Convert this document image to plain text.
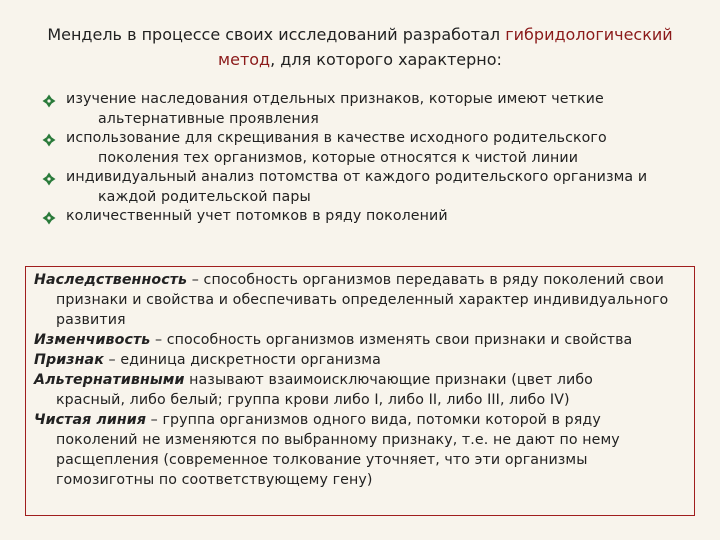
Мендель в процессе своих исследований разработал гибридологический
метод, для которого характерно:
изучение наследования отдельных признаков, которые имеют четкие
альтернативные проявления
использование для скрещивания в качестве исходного родительского
поколения тех организмов, которые относятся к чистой линии
индивидуальный анализ потомства от каждого родительского организма и
каждой родительской пары
количественный учет потомков в ряду поколений
Наследственность – способность организмов передавать в ряду поколений свои
признаки и свойства и обеспечивать определенный характер индивидуального
развития
Изменчивость – способность организмов изменять свои признаки и свойства
Признак – единица дискретности организма
Альтернативными называют взаимоисключающие признаки (цвет либо
красный, либо белый; группа крови либо I, либо II, либо III, либо IV)
Чистая линия – группа организмов одного вида, потомки которой в ряду
поколений не изменяются по выбранному признаку, т.е. не дают по нему
расщепления (современное толкование уточняет, что эти организмы
гомозиготны по соответствующему гену)
